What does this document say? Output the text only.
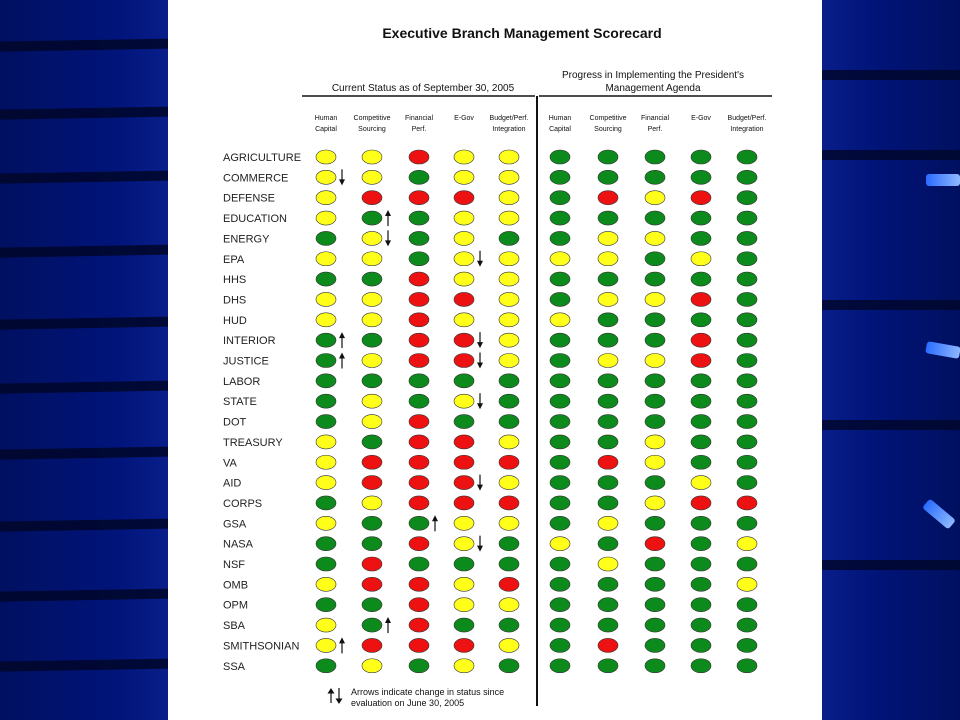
Executive Branch Management Scorecard
Current Status as of September 30, 2005
Progress in Implementing the President's
Management Agenda
Human
Capital
Competitive
Sourcing
Financial
Perf.
E-Gov Budget/Perf.
Integration
Human
Capital
Competitive
Sourcing
Financial
Perf.
E-Gov Budget/Perf.
Integration
AGRICULTURE
COMMERCE
DEFENSE
EDUCATION
ENERGY
EPA
HHS
DHS
HUD
INTERIOR
JUSTICE
LABOR
STATE
DOT
TREASURY
VA
AID
CORPS
GSA
NASA
NSF
OMB
OPM
SBA
SMITHSONIAN
SSA
Arrows indicate change in status since
evaluation on June 30, 2005
